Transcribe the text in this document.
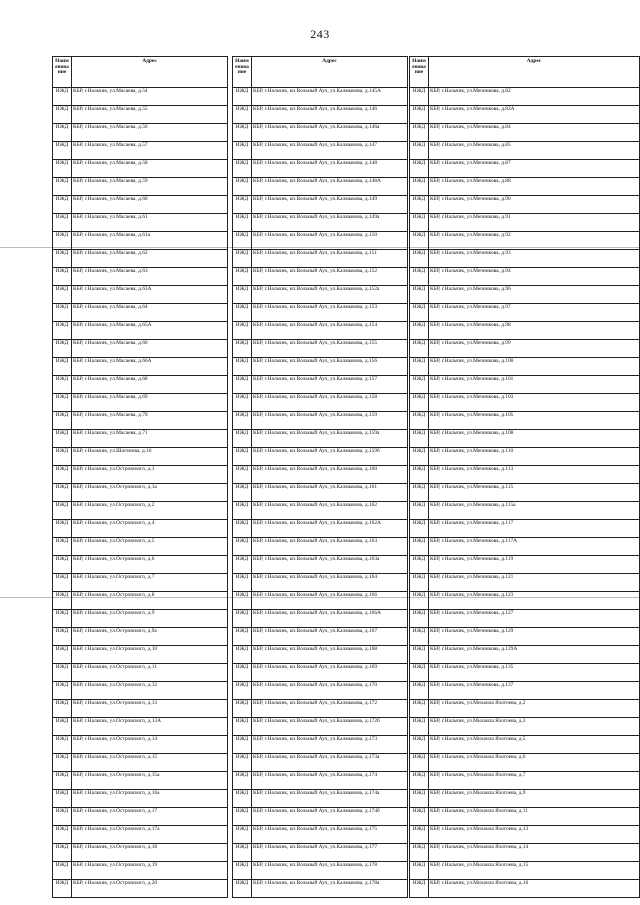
243
Наим енова ние	Адрес
ИЖД	КБР, г.Нальчик, ул.Масаева, д.54
ИЖД	КБР, г.Нальчик, ул.Масаева, д.55
ИЖД	КБР, г.Нальчик, ул.Масаева, д.56
ИЖД	КБР, г.Нальчик, ул.Масаева, д.57
ИЖД	КБР, г.Нальчик, ул.Масаева, д.58
ИЖД	КБР, г.Нальчик, ул.Масаева, д.59
ИЖД	КБР, г.Нальчик, ул.Масаева, д.60
ИЖД	КБР, г.Нальчик, ул.Масаева, д.61
ИЖД	КБР, г.Нальчик, ул.Масаева, д.61а
ИЖД	КБР, г.Нальчик, ул.Масаева, д.62
ИЖД	КБР, г.Нальчик, ул.Масаева, д.63
ИЖД	КБР, г.Нальчик, ул.Масаева, д.63А
ИЖД	КБР, г.Нальчик, ул.Масаева, д.64
ИЖД	КБР, г.Нальчик, ул.Масаева, д.65А
ИЖД	КБР, г.Нальчик, ул.Масаева, д.66
ИЖД	КБР, г.Нальчик, ул.Масаева, д.66А
ИЖД	КБР, г.Нальчик, ул.Масаева, д.68
ИЖД	КБР, г.Нальчик, ул.Масаева, д.69
ИЖД	КБР, г.Нальчик, ул.Масаева, д.70
ИЖД	КБР, г.Нальчик, ул.Масаева, д.71
ИЖД	КБР, г.Нальчик, ул.Шогенова, д.16
ИЖД	КБР, г.Нальчик, ул.Островского, д.1
ИЖД	КБР, г.Нальчик, ул.Островского, д.1а
ИЖД	КБР, г.Нальчик, ул.Островского, д.2
ИЖД	КБР, г.Нальчик, ул.Островского, д.4
ИЖД	КБР, г.Нальчик, ул.Островского, д.5
ИЖД	КБР, г.Нальчик, ул.Островского, д.6
ИЖД	КБР, г.Нальчик, ул.Островского, д.7
ИЖД	КБР, г.Нальчик, ул.Островского, д.8
ИЖД	КБР, г.Нальчик, ул.Островского, д.9
ИЖД	КБР, г.Нальчик, ул.Островского, д.9а
ИЖД	КБР, г.Нальчик, ул.Островского, д.10
ИЖД	КБР, г.Нальчик, ул.Островского, д.11
ИЖД	КБР, г.Нальчик, ул.Островского, д.12
ИЖД	КБР, г.Нальчик, ул.Островского, д.13
ИЖД	КБР, г.Нальчик, ул.Островского, д.13А
ИЖД	КБР, г.Нальчик, ул.Островского, д.14
ИЖД	КБР, г.Нальчик, ул.Островского, д.15
ИЖД	КБР, г.Нальчик, ул.Островского, д.15а
ИЖД	КБР, г.Нальчик, ул.Островского, д.16а
ИЖД	КБР, г.Нальчик, ул.Островского, д.17
ИЖД	КБР, г.Нальчик, ул.Островского, д.17а
ИЖД	КБР, г.Нальчик, ул.Островского, д.18
ИЖД	КБР, г.Нальчик, ул.Островского, д.19
ИЖД	КБР, г.Нальчик, ул.Островского, д.20
Наим енова ние	Адрес
ИЖД	КБР, г.Нальчик, кп.Вольный Аул, ул.Калмыкова, д.145А
ИЖД	КБР, г.Нальчик, кп.Вольный Аул, ул.Калмыкова, д.146
ИЖД	КБР, г.Нальчик, кп.Вольный Аул, ул.Калмыкова, д.146а
ИЖД	КБР, г.Нальчик, кп.Вольный Аул, ул.Калмыкова, д.147
ИЖД	КБР, г.Нальчик, кп.Вольный Аул, ул.Калмыкова, д.148
ИЖД	КБР, г.Нальчик, кп.Вольный Аул, ул.Калмыкова, д.148А
ИЖД	КБР, г.Нальчик, кп.Вольный Аул, ул.Калмыкова, д.149
ИЖД	КБР, г.Нальчик, кп.Вольный Аул, ул.Калмыкова, д.149а
ИЖД	КБР, г.Нальчик, кп.Вольный Аул, ул.Калмыкова, д.150
ИЖД	КБР, г.Нальчик, кп.Вольный Аул, ул.Калмыкова, д.151
ИЖД	КБР, г.Нальчик, кп.Вольный Аул, ул.Калмыкова, д.152
ИЖД	КБР, г.Нальчик, кп.Вольный Аул, ул.Калмыкова, д.152а
ИЖД	КБР, г.Нальчик, кп.Вольный Аул, ул.Калмыкова, д.153
ИЖД	КБР, г.Нальчик, кп.Вольный Аул, ул.Калмыкова, д.154
ИЖД	КБР, г.Нальчик, кп.Вольный Аул, ул.Калмыкова, д.155
ИЖД	КБР, г.Нальчик, кп.Вольный Аул, ул.Калмыкова, д.156
ИЖД	КБР, г.Нальчик, кп.Вольный Аул, ул.Калмыкова, д.157
ИЖД	КБР, г.Нальчик, кп.Вольный Аул, ул.Калмыкова, д.158
ИЖД	КБР, г.Нальчик, кп.Вольный Аул, ул.Калмыкова, д.159
ИЖД	КБР, г.Нальчик, кп.Вольный Аул, ул.Калмыкова, д.159а
ИЖД	КБР, г.Нальчик, кп.Вольный Аул, ул.Калмыкова, д.159б
ИЖД	КБР, г.Нальчик, кп.Вольный Аул, ул.Калмыкова, д.160
ИЖД	КБР, г.Нальчик, кп.Вольный Аул, ул.Калмыкова, д.161
ИЖД	КБР, г.Нальчик, кп.Вольный Аул, ул.Калмыкова, д.162
ИЖД	КБР, г.Нальчик, кп.Вольный Аул, ул.Калмыкова, д.162А
ИЖД	КБР, г.Нальчик, кп.Вольный Аул, ул.Калмыкова, д.163
ИЖД	КБР, г.Нальчик, кп.Вольный Аул, ул.Калмыкова, д.163а
ИЖД	КБР, г.Нальчик, кп.Вольный Аул, ул.Калмыкова, д.164
ИЖД	КБР, г.Нальчик, кп.Вольный Аул, ул.Калмыкова, д.166
ИЖД	КБР, г.Нальчик, кп.Вольный Аул, ул.Калмыкова, д.166А
ИЖД	КБР, г.Нальчик, кп.Вольный Аул, ул.Калмыкова, д.167
ИЖД	КБР, г.Нальчик, кп.Вольный Аул, ул.Калмыкова, д.168
ИЖД	КБР, г.Нальчик, кп.Вольный Аул, ул.Калмыкова, д.169
ИЖД	КБР, г.Нальчик, кп.Вольный Аул, ул.Калмыкова, д.170
ИЖД	КБР, г.Нальчик, кп.Вольный Аул, ул.Калмыкова, д.172
ИЖД	КБР, г.Нальчик, кп.Вольный Аул, ул.Калмыкова, д.172б
ИЖД	КБР, г.Нальчик, кп.Вольный Аул, ул.Калмыкова, д.173
ИЖД	КБР, г.Нальчик, кп.Вольный Аул, ул.Калмыкова, д.173а
ИЖД	КБР, г.Нальчик, кп.Вольный Аул, ул.Калмыкова, д.174
ИЖД	КБР, г.Нальчик, кп.Вольный Аул, ул.Калмыкова, д.174а
ИЖД	КБР, г.Нальчик, кп.Вольный Аул, ул.Калмыкова, д.174б
ИЖД	КБР, г.Нальчик, кп.Вольный Аул, ул.Калмыкова, д.175
ИЖД	КБР, г.Нальчик, кп.Вольный Аул, ул.Калмыкова, д.177
ИЖД	КБР, г.Нальчик, кп.Вольный Аул, ул.Калмыкова, д.178
ИЖД	КБР, г.Нальчик, кп.Вольный Аул, ул.Калмыкова, д.178а
Наим енова ние	Адрес
ИЖД	КБР, г.Нальчик, ул.Мечникова, д.82
ИЖД	КБР, г.Нальчик, ул.Мечникова, д.82А
ИЖД	КБР, г.Нальчик, ул.Мечникова, д.84
ИЖД	КБР, г.Нальчик, ул.Мечникова, д.85
ИЖД	КБР, г.Нальчик, ул.Мечникова, д.87
ИЖД	КБР, г.Нальчик, ул.Мечникова, д.88
ИЖД	КБР, г.Нальчик, ул.Мечникова, д.90
ИЖД	КБР, г.Нальчик, ул.Мечникова, д.91
ИЖД	КБР, г.Нальчик, ул.Мечникова, д.92
ИЖД	КБР, г.Нальчик, ул.Мечникова, д.93
ИЖД	КБР, г.Нальчик, ул.Мечникова, д.94
ИЖД	КБР, г.Нальчик, ул.Мечникова, д.96
ИЖД	КБР, г.Нальчик, ул.Мечникова, д.97
ИЖД	КБР, г.Нальчик, ул.Мечникова, д.98
ИЖД	КБР, г.Нальчик, ул.Мечникова, д.99
ИЖД	КБР, г.Нальчик, ул.Мечникова, д.100
ИЖД	КБР, г.Нальчик, ул.Мечникова, д.101
ИЖД	КБР, г.Нальчик, ул.Мечникова, д.103
ИЖД	КБР, г.Нальчик, ул.Мечникова, д.105
ИЖД	КБР, г.Нальчик, ул.Мечникова, д.108
ИЖД	КБР, г.Нальчик, ул.Мечникова, д.110
ИЖД	КБР, г.Нальчик, ул.Мечникова, д.113
ИЖД	КБР, г.Нальчик, ул.Мечникова, д.115
ИЖД	КБР, г.Нальчик, ул.Мечникова, д.115а
ИЖД	КБР, г.Нальчик, ул.Мечникова, д.117
ИЖД	КБР, г.Нальчик, ул.Мечникова, д.117А
ИЖД	КБР, г.Нальчик, ул.Мечникова, д.119
ИЖД	КБР, г.Нальчик, ул.Мечникова, д.121
ИЖД	КБР, г.Нальчик, ул.Мечникова, д.123
ИЖД	КБР, г.Нальчик, ул.Мечникова, д.127
ИЖД	КБР, г.Нальчик, ул.Мечникова, д.129
ИЖД	КБР, г.Нальчик, ул.Мечникова, д.129А
ИЖД	КБР, г.Нальчик, ул.Мечникова, д.135
ИЖД	КБР, г.Нальчик, ул.Мечникова, д.137
ИЖД	КБР, г.Нальчик, ул.Михаила Яхогоева, д.2
ИЖД	КБР, г.Нальчик, ул.Михаила Яхогоева, д.3
ИЖД	КБР, г.Нальчик, ул.Михаила Яхогоева, д.5
ИЖД	КБР, г.Нальчик, ул.Михаила Яхогоева, д.6
ИЖД	КБР, г.Нальчик, ул.Михаила Яхогоева, д.7
ИЖД	КБР, г.Нальчик, ул.Михаила Яхогоева, д.9
ИЖД	КБР, г.Нальчик, ул.Михаила Яхогоева, д.11
ИЖД	КБР, г.Нальчик, ул.Михаила Яхогоева, д.13
ИЖД	КБР, г.Нальчик, ул.Михаила Яхогоева, д.14
ИЖД	КБР, г.Нальчик, ул.Михаила Яхогоева, д.15
ИЖД	КБР, г.Нальчик, ул.Михаила Яхогоева, д.16
